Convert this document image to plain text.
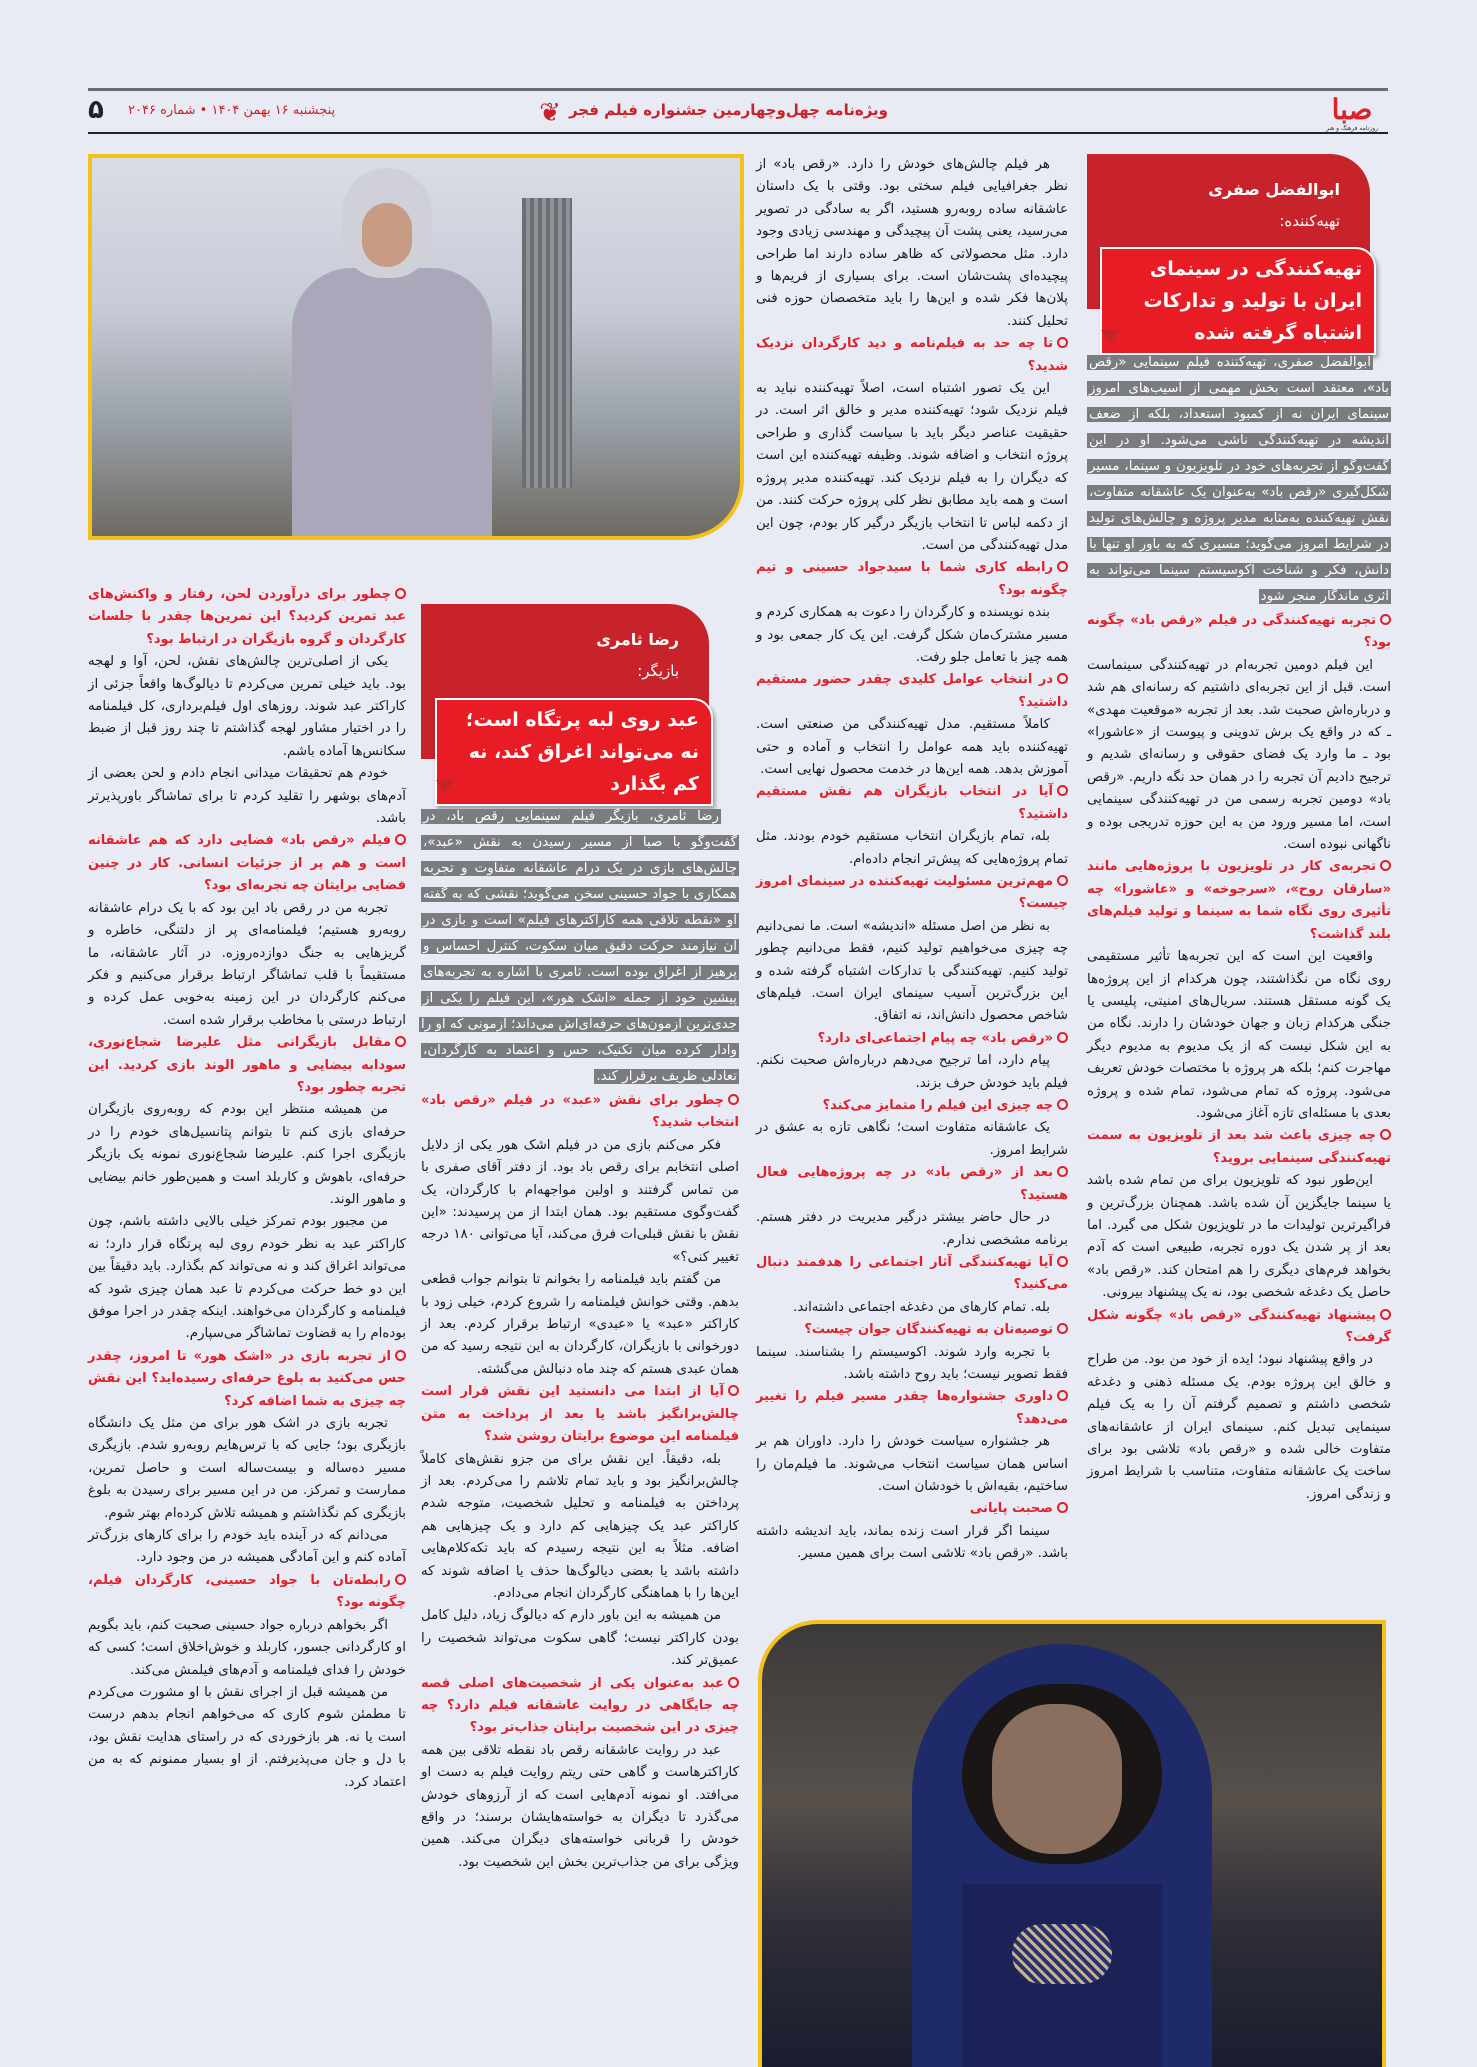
صبا
روزنامه فرهنگ و هنر
ویژه‌نامه چهل‌وچهارمین جشنواره فیلم فجر
❦
پنجشنبه ۱۶ بهمن ۱۴۰۴ • شماره ۲۰۴۶
۵
ابوالفضل صفری
تهیه‌کننده:
تهیه‌کنندگی در سینمای ایران با تولید و تدارکات اشتباه گرفته شده
رضا ثامری
بازیگر:
عبد روی لبه پرتگاه است؛ نه می‌تواند اغراق کند، نه کم بگذارد

ابوالفضل صفری، تهیه‌کننده فیلم سینمایی «رقص باد»، معتقد است بخش مهمی از آسیب‌های امروز سینمای ایران نه از کمبود استعداد، بلکه از ضعف اندیشه در تهیه‌کنندگی ناشی می‌شود. او در این گفت‌وگو از تجربه‌های خود در تلویزیون و سینما، مسیر شکل‌گیری «رقص باد» به‌عنوان یک عاشقانه متفاوت، نقش تهیه‌کننده به‌مثابه مدیر پروژه و چالش‌های تولید در شرایط امروز می‌گوید؛ مسیری که به باور او تنها با دانش، فکر و شناخت اکوسیستم سینما می‌تواند به اثری ماندگار منجر شود

تجربه تهیه‌کنندگی در فیلم «رقص باد» چگونه بود؟

این فیلم دومین تجربه‌ام در تهیه‌کنندگی سینماست است. قبل از این تجربه‌ای داشتیم که رسانه‌ای هم شد و درباره‌اش صحبت شد. بعد از تجربه «موقعیت مهدی» ـ که در واقع یک برش تدوینی و پیوست از «عاشورا» بود ـ ما وارد یک فضای حقوقی و رسانه‌ای شدیم و ترجیح دادیم آن تجربه را در همان حد نگه داریم. «رقص باد» دومین تجربه رسمی من در تهیه‌کنندگی سینمایی است، اما مسیر ورود من به این حوزه تدریجی بوده و ناگهانی نبوده است.

تجربه‌ی کار در تلویزیون با پروژه‌هایی مانند «سارقان روح»، «سرجوخه» و «عاشورا» چه تأثیری روی نگاه شما به سینما و تولید فیلم‌های بلند گذاشت؟

واقعیت این است که این تجربه‌ها تأثیر مستقیمی روی نگاه من نگذاشتند، چون هرکدام از این پروژه‌ها یک گونه مستقل هستند. سریال‌های امنیتی، پلیسی یا جنگی هرکدام زبان و جهان خودشان را دارند. نگاه من به این شکل نیست که از یک مدیوم به مدیوم دیگر مهاجرت کنم؛ بلکه هر پروژه با مختصات خودش تعریف می‌شود. پروژه که تمام می‌شود، تمام شده و پروژه بعدی با مسئله‌ای تازه آغاز می‌شود.

چه چیزی باعث شد بعد از تلویزیون به سمت تهیه‌کنندگی سینمایی بروید؟

این‌طور نبود که تلویزیون برای من تمام شده باشد یا سینما جایگزین آن شده باشد. همچنان بزرگ‌ترین و فراگیرترین تولیدات ما در تلویزیون شکل می گیرد. اما بعد از پر شدن یک دوره تجربه، طبیعی است که آدم بخواهد فرم‌های دیگری را هم امتحان کند. «رقص باد» حاصل یک دغدغه شخصی بود، نه یک پیشنهاد بیرونی.

پیشنهاد تهیه‌کنندگی «رقص باد» چگونه شکل گرفت؟

در واقع پیشنهاد نبود؛ ایده از خود من بود. من طراح و خالق این پروژه بودم. یک مسئله ذهنی و دغدغه شخصی داشتم و تصمیم گرفتم آن را به یک فیلم سینمایی تبدیل کنم. سینمای ایران از عاشقانه‌های متفاوت خالی شده و «رقص باد» تلاشی بود برای ساخت یک عاشقانه متفاوت، متناسب با شرایط امروز و زندگی امروز.

هر فیلم چالش‌های خودش را دارد. «رقص باد» از نظر جغرافیایی فیلم سختی بود. وقتی با یک داستان عاشقانه ساده روبه‌رو هستید، اگر به سادگی در تصویر می‌رسید، یعنی پشت آن پیچیدگی و مهندسی زیادی وجود دارد. مثل محصولاتی که ظاهر ساده دارند اما طراحی پیچیده‌ای پشت‌شان است. برای بسیاری از فریم‌ها و پلان‌ها فکر شده و این‌ها را باید متخصصان حوزه فنی تحلیل کنند.

تا چه حد به فیلم‌نامه و دید کارگردان نزدیک شدید؟

این یک تصور اشتباه است، اصلاً تهیه‌کننده نباید به فیلم نزدیک شود؛ تهیه‌کننده مدیر و خالق اثر است. در حقیقیت عناصر دیگر باید با سیاست گذاری و طراحی پروژه انتخاب و اضافه شوند. وظیفه تهیه‌کننده این است که دیگران را به فیلم نزدیک کند. تهیه‌کننده مدیر پروژه است و همه باید مطابق نظر کلی پروژه حرکت کنند. من از دکمه لباس تا انتخاب بازیگر درگیر کار بودم، چون این مدل تهیه‌کنندگی من است.

رابطه کاری شما با سیدجواد حسینی و تیم چگونه بود؟

بنده نویسنده و کارگردان را دعوت به همکاری کردم و مسیر مشترک‌مان شکل گرفت. این یک کار جمعی بود و همه چیز با تعامل جلو رفت.

در انتخاب عوامل کلیدی چقدر حضور مستقیم داشتید؟

کاملاً مستقیم. مدل تهیه‌کنندگی من صنعتی است. تهیه‌کننده باید همه عوامل را انتخاب و آماده و حتی آموزش بدهد. همه این‌ها در خدمت محصول نهایی است.

آیا در انتخاب بازیگران هم نقش مستقیم داشتید؟

بله، تمام بازیگران انتخاب مستقیم خودم بودند. مثل تمام پروژه‌هایی که پیش‌تر انجام داده‌ام.

مهم‌ترین مسئولیت تهیه‌کننده در سینمای امروز چیست؟

به نظر من اصل مسئله «اندیشه» است. ما نمی‌دانیم چه چیزی می‌خواهیم تولید کنیم، فقط می‌دانیم چطور تولید کنیم. تهیه‌کنندگی با تدارکات اشتباه گرفته شده و این بزرگ‌ترین آسیب سینمای ایران است. فیلم‌های شاخص محصول دانش‌اند، نه اتفاق.

«رقص باد» چه پیام اجتماعی‌ای دارد؟

پیام دارد، اما ترجیح می‌دهم درباره‌اش صحبت نکنم. فیلم باید خودش حرف بزند.

چه چیزی این فیلم را متمایز می‌کند؟

یک عاشقانه متفاوت است؛ نگاهی تازه به عشق در شرایط امروز.

بعد از «رقص باد» در چه پروژه‌هایی فعال هستید؟

در حال حاضر بیشتر درگیر مدیریت در دفتر هستم. برنامه مشخصی ندارم.

آیا تهیه‌کنندگی آثار اجتماعی را هدفمند دنبال می‌کنید؟

بله. تمام کارهای من دغدغه اجتماعی داشته‌اند.

توصیه‌تان به تهیه‌کنندگان جوان چیست؟

با تجربه وارد شوند. اکوسیستم را بشناسند. سینما فقط تصویر نیست؛ باید روح داشته باشد.

داوری جشنواره‌ها چقدر مسیر فیلم را تغییر می‌دهد؟

هر جشنواره سیاست خودش را دارد. داوران هم بر اساس همان سیاست انتخاب می‌شوند. ما فیلم‌مان را ساختیم، بقیه‌اش با خودشان است.

صحبت پایانی

سینما اگر قرار است زنده بماند، باید اندیشه داشته باشد. «رقص باد» تلاشی است برای همین مسیر.

رضا ثامری، بازیگر فیلم سینمایی رقص باد، در گفت‌وگو با صبا از مسیر رسیدن به نقش «عبد»، چالش‌های بازی در یک درام عاشقانه متفاوت و تجربه همکاری با جواد حسینی سخن می‌گوید؛ نقشی که به گفته او «نقطه تلاقی همه کاراکترهای فیلم» است و بازی در آن نیازمند حرکت دقیق میان سکوت، کنترل احساس و پرهیز از اغراق بوده است. ثامری با اشاره به تجربه‌های پیشین خود از جمله «اشک هور»، این فیلم را یکی از جدی‌ترین آزمون‌های حرفه‌ای‌اش می‌داند؛ آزمونی که او را وادار کرده میان تکنیک، حس و اعتماد به کارگردان، تعادلی ظریف برقرار کند.

چطور برای نقش «عبد» در فیلم «رقص باد» انتخاب شدید؟

فکر می‌کنم بازی من در فیلم اشک هور یکی از دلایل اصلی انتخابم برای رقص باد بود. از دفتر آقای صفری با من تماس گرفتند و اولین مواجهه‌ام با کارگردان، یک گفت‌وگوی مستقیم بود. همان ابتدا از من پرسیدند: «این نقش با نقش قبلی‌ات فرق می‌کند، آیا می‌توانی ۱۸۰ درجه تغییر کنی؟»

من گفتم باید فیلمنامه را بخوانم تا بتوانم جواب قطعی بدهم. وقتی خوانش فیلمنامه را شروع کردم، خیلی زود با کاراکتر «عبد» یا «عبدی» ارتباط برقرار کردم. بعد از دورخوانی با بازیگران، کارگردان به این نتیجه رسید که من همان عبدی هستم که چند ماه دنبالش می‌گشته.

آیا از ابتدا می دانستید این نقش قرار است چالش‌برانگیز باشد یا بعد از پرداخت به متن فیلمنامه این موضوع برایتان روشن شد؟

بله، دقیقاً. این نقش برای من جزو نقش‌های کاملاً چالش‌برانگیز بود و باید تمام تلاشم را می‌کردم. بعد از پرداختن به فیلمنامه و تحلیل شخصیت، متوجه شدم کاراکتر عبد یک چیزهایی کم دارد و یک چیزهایی هم اضافه. مثلاً به این نتیجه رسیدم که باید تکه‌کلام‌هایی داشته باشد یا بعضی دیالوگ‌ها حذف یا اضافه شوند که این‌ها را با هماهنگی کارگردان انجام می‌دادم.

من همیشه به این باور دارم که دیالوگ زیاد، دلیل کامل بودن کاراکتر نیست؛ گاهی سکوت می‌تواند شخصیت را عمیق‌تر کند.

عبد به‌عنوان یکی از شخصیت‌های اصلی قصه چه جایگاهی در روایت عاشقانه فیلم دارد؟ چه چیزی در این شخصیت برایتان جذاب‌تر بود؟

عبد در روایت عاشقانه رقص باد نقطه تلاقی بین همه کاراکترهاست و گاهی حتی ریتم روایت فیلم به دست او می‌افتد. او نمونه آدم‌هایی است که از آرزوهای خودش می‌گذرد تا دیگران به خواسته‌هایشان برسند؛ در واقع خودش را قربانی خواسته‌های دیگران می‌کند. همین ویژگی برای من جذاب‌ترین بخش این شخصیت بود.

چطور برای درآوردن لحن، رفتار و واکنش‌های عبد تمرین کردید؟ این تمرین‌ها چقدر با جلسات کارگردان و گروه بازیگران در ارتباط بود؟

یکی از اصلی‌ترین چالش‌های نقش، لحن، آوا و لهجه بود. باید خیلی تمرین می‌کردم تا دیالوگ‌ها واقعاً جزئی از کاراکتر عبد شوند. روزهای اول فیلم‌برداری، کل فیلمنامه را در اختیار مشاور لهجه گذاشتم تا چند روز قبل از ضبط سکانس‌ها آماده باشم.

خودم هم تحقیقات میدانی انجام دادم و لحن بعضی از آدم‌های بوشهر را تقلید کردم تا برای تماشاگر باورپذیرتر باشد.

فیلم «رقص باد» فضایی دارد که هم عاشقانه است و هم پر از جزئیات انسانی. کار در چنین فضایی برایتان چه تجربه‌ای بود؟

تجربه من در رقص باد این بود که با یک درام عاشقانه روبه‌رو هستیم؛ فیلمنامه‌ای پر از دلتنگی، خاطره و گریزهایی به جنگ دوازده‌روزه. در آثار عاشقانه، ما مستقیماً با قلب تماشاگر ارتباط برقرار می‌کنیم و فکر می‌کنم کارگردان در این زمینه به‌خوبی عمل کرده و ارتباط درستی با مخاطب برقرار شده است.

مقابل بازیگرانی مثل علیرضا شجاع‌نوری، سودابه بیضایی و ماهور الوند بازی کردید. این تجربه چطور بود؟

من همیشه منتظر این بودم که روبه‌روی بازیگران حرفه‌ای بازی کنم تا بتوانم پتانسیل‌های خودم را در بازیگری اجرا کنم. علیرضا شجاع‌نوری نمونه یک بازیگر حرفه‌ای، باهوش و کاربلد است و همین‌طور خانم بیضایی و ماهور الوند.

من مجبور بودم تمرکز خیلی بالایی داشته باشم، چون کاراکتر عبد به نظر خودم روی لبه پرتگاه قرار دارد؛ نه می‌تواند اغراق کند و نه می‌تواند کم بگذارد. باید دقیقاً بین این دو خط حرکت می‌کردم تا عبد همان چیزی شود که فیلمنامه و کارگردان می‌خواهند. اینکه چقدر در اجرا موفق بوده‌ام را به قضاوت تماشاگر می‌سپارم.

از تجربه بازی در «اشک هور» تا امروز، چقدر حس می‌کنید به بلوغ حرفه‌ای رسیده‌اید؟ این نقش چه چیزی به شما اضافه کرد؟

تجربه بازی در اشک هور برای من مثل یک دانشگاه بازیگری بود؛ جایی که با ترس‌هایم روبه‌رو شدم. بازیگری مسیر ده‌ساله و بیست‌ساله است و حاصل تمرین، ممارست و تمرکز. من در این مسیر برای رسیدن به بلوغ بازیگری کم نگذاشتم و همیشه تلاش کرده‌ام بهتر شوم.

می‌دانم که در آینده باید خودم را برای کارهای بزرگ‌تر آماده کنم و این آمادگی همیشه در من وجود دارد.

رابطه‌تان با جواد حسینی، کارگردان فیلم، چگونه بود؟

اگر بخواهم درباره جواد حسینی صحبت کنم، باید بگویم او کارگردانی جسور، کاربلد و خوش‌اخلاق است؛ کسی که خودش را فدای فیلمنامه و آدم‌های فیلمش می‌کند.

من همیشه قبل از اجرای نقش با او مشورت می‌کردم تا مطمئن شوم کاری که می‌خواهم انجام بدهم درست است یا نه. هر بازخوردی که در راستای هدایت نقش بود، با دل و جان می‌پذیرفتم. از او بسیار ممنونم که به من اعتماد کرد.
